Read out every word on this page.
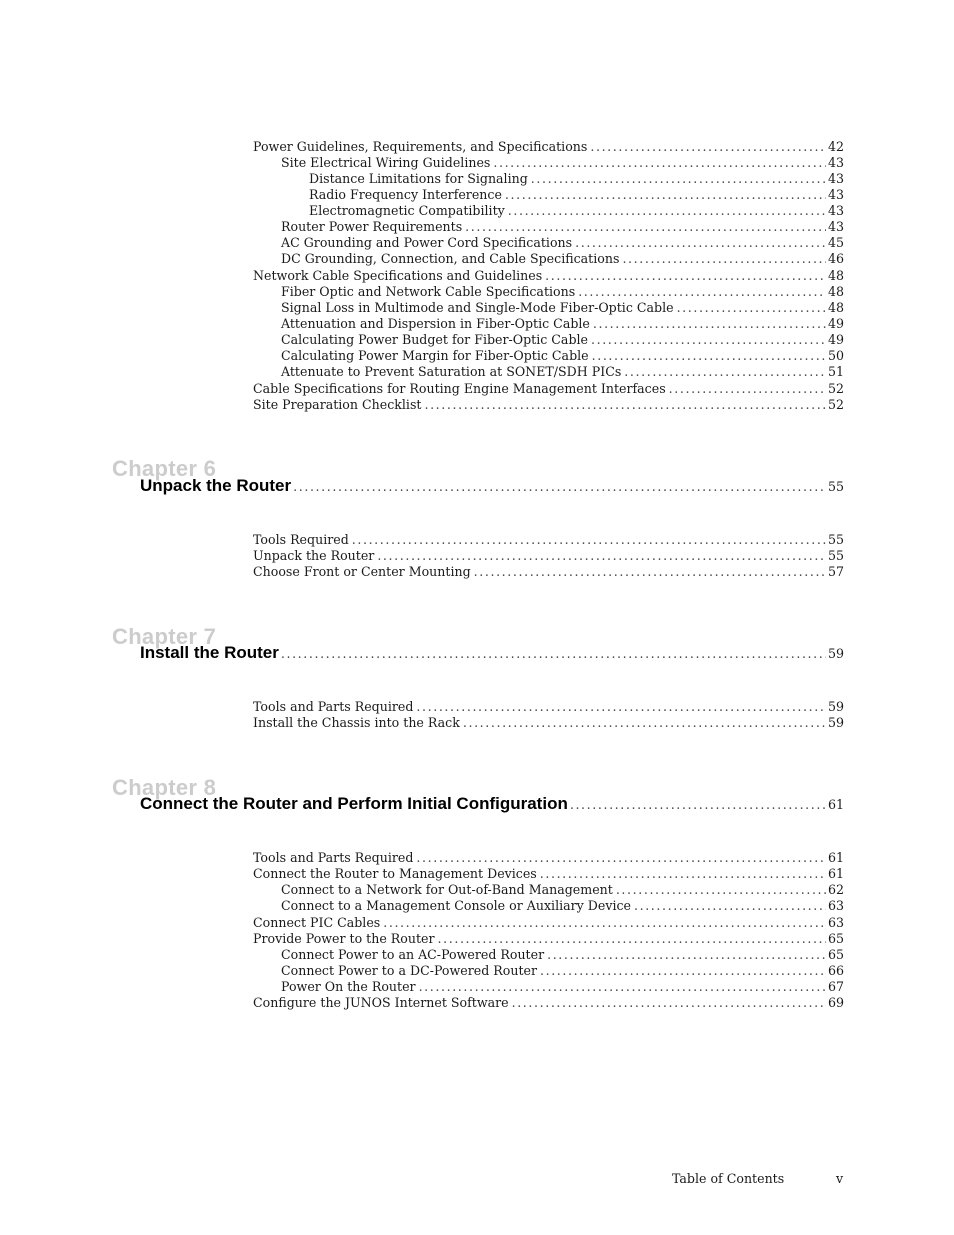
Power Guidelines, Requirements, and Specifications .....	42
Site Electrical Wiring Guidelines .....	43
Distance Limitations for Signaling .....	43
Radio Frequency Interference .....	43
Electromagnetic Compatibility .....	43
Router Power Requirements .....	43
AC Grounding and Power Cord Specifications .....	45
DC Grounding, Connection, and Cable Specifications .....	46
Network Cable Specifications and Guidelines .....	48
Fiber Optic and Network Cable Specifications .....	48
Signal Loss in Multimode and Single-Mode Fiber-Optic Cable .....	48
Attenuation and Dispersion in Fiber-Optic Cable .....	49
Calculating Power Budget for Fiber-Optic Cable .....	49
Calculating Power Margin for Fiber-Optic Cable .....	50
Attenuate to Prevent Saturation at SONET/SDH PICs .....	51
Cable Specifications for Routing Engine Management Interfaces .....	52
Site Preparation Checklist .....	52
Chapter 6
Unpack the Router .....	55
Tools Required .....	55
Unpack the Router .....	55
Choose Front or Center Mounting .....	57
Chapter 7
Install the Router .....	59
Tools and Parts Required .....	59
Install the Chassis into the Rack .....	59
Chapter 8
Connect the Router and Perform Initial Configuration .....	61
Tools and Parts Required .....	61
Connect the Router to Management Devices .....	61
Connect to a Network for Out-of-Band Management .....	62
Connect to a Management Console or Auxiliary Device .....	63
Connect PIC Cables .....	63
Provide Power to the Router .....	65
Connect Power to an AC-Powered Router .....	65
Connect Power to a DC-Powered Router .....	66
Power On the Router .....	67
Configure the JUNOS Internet Software .....	69
Table of Contents	v
